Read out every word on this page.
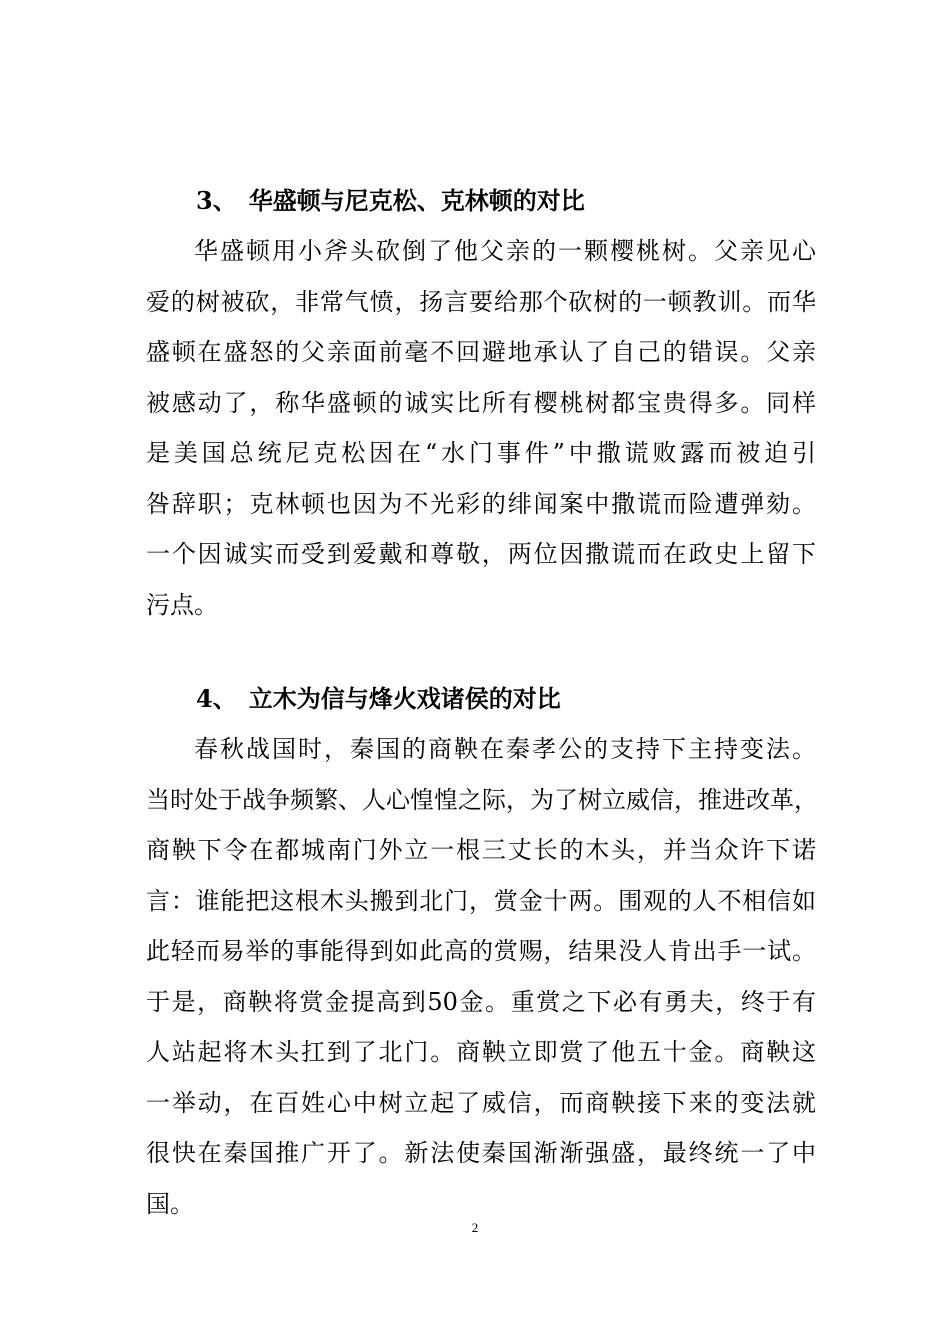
3、 华盛顿与尼克松、克林顿的对比
华盛顿用小斧头砍倒了他父亲的一颗樱桃树。父亲见心
爱的树被砍，非常气愤，扬言要给那个砍树的一顿教训。而华
盛顿在盛怒的父亲面前毫不回避地承认了自己的错误。父亲
被感动了，称华盛顿的诚实比所有樱桃树都宝贵得多。同样
是美国总统尼克松因在“水门事件”中撒谎败露而被迫引
咎辞职；克林顿也因为不光彩的绯闻案中撒谎而险遭弹劾。
一个因诚实而受到爱戴和尊敬，两位因撒谎而在政史上留下
污点。
4、 立木为信与烽火戏诸侯的对比
春秋战国时，秦国的商鞅在秦孝公的支持下主持变法。
当时处于战争频繁、人心惶惶之际，为了树立威信，推进改革，
商鞅下令在都城南门外立一根三丈长的木头，并当众许下诺
言：谁能把这根木头搬到北门，赏金十两。围观的人不相信如
此轻而易举的事能得到如此高的赏赐，结果没人肯出手一试。
于是，商鞅将赏金提高到50金。重赏之下必有勇夫，终于有
人站起将木头扛到了北门。商鞅立即赏了他五十金。商鞅这
一举动，在百姓心中树立起了威信，而商鞅接下来的变法就
很快在秦国推广开了。新法使秦国渐渐强盛，最终统一了中
国。
2
